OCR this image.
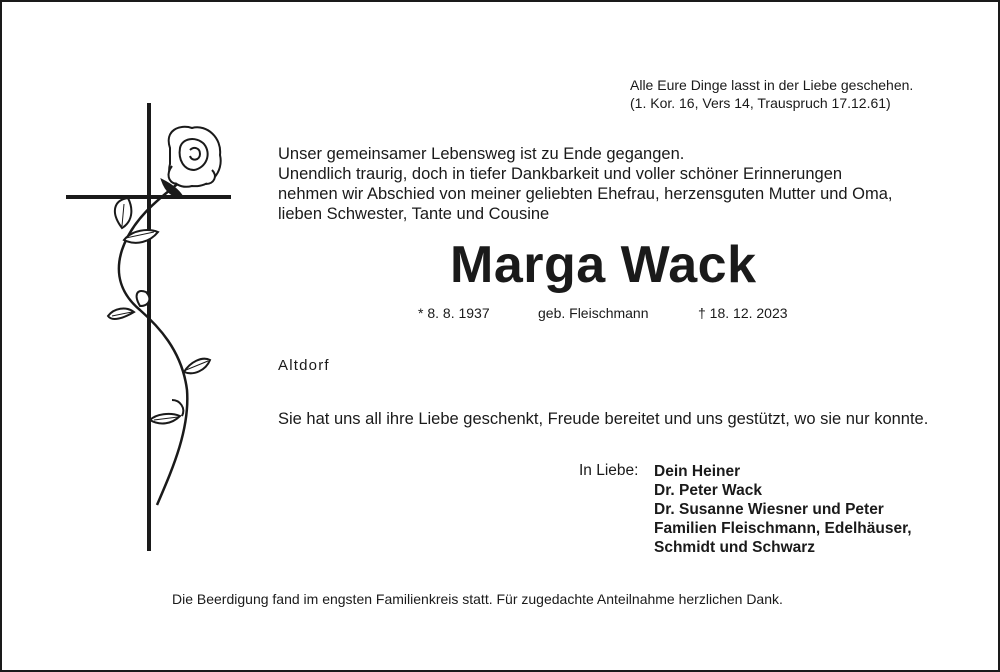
Alle Eure Dinge lasst in der Liebe geschehen.
(1. Kor. 16, Vers 14, Trauspruch 17.12.61)
Unser gemeinsamer Lebensweg ist zu Ende gegangen.
Unendlich traurig, doch in tiefer Dankbarkeit und voller schöner Erinnerungen
nehmen wir Abschied von meiner geliebten Ehefrau, herzensguten Mutter und Oma,
lieben Schwester, Tante und Cousine
Marga Wack
* 8. 8. 1937	geb. Fleischmann	† 18. 12. 2023
Altdorf
Sie hat uns all ihre Liebe geschenkt, Freude bereitet und uns gestützt, wo sie nur konnte.
In Liebe: Dein Heiner
Dr. Peter Wack
Dr. Susanne Wiesner und Peter
Familien Fleischmann, Edelhäuser,
Schmidt und Schwarz
Die Beerdigung fand im engsten Familienkreis statt. Für zugedachte Anteilnahme herzlichen Dank.
